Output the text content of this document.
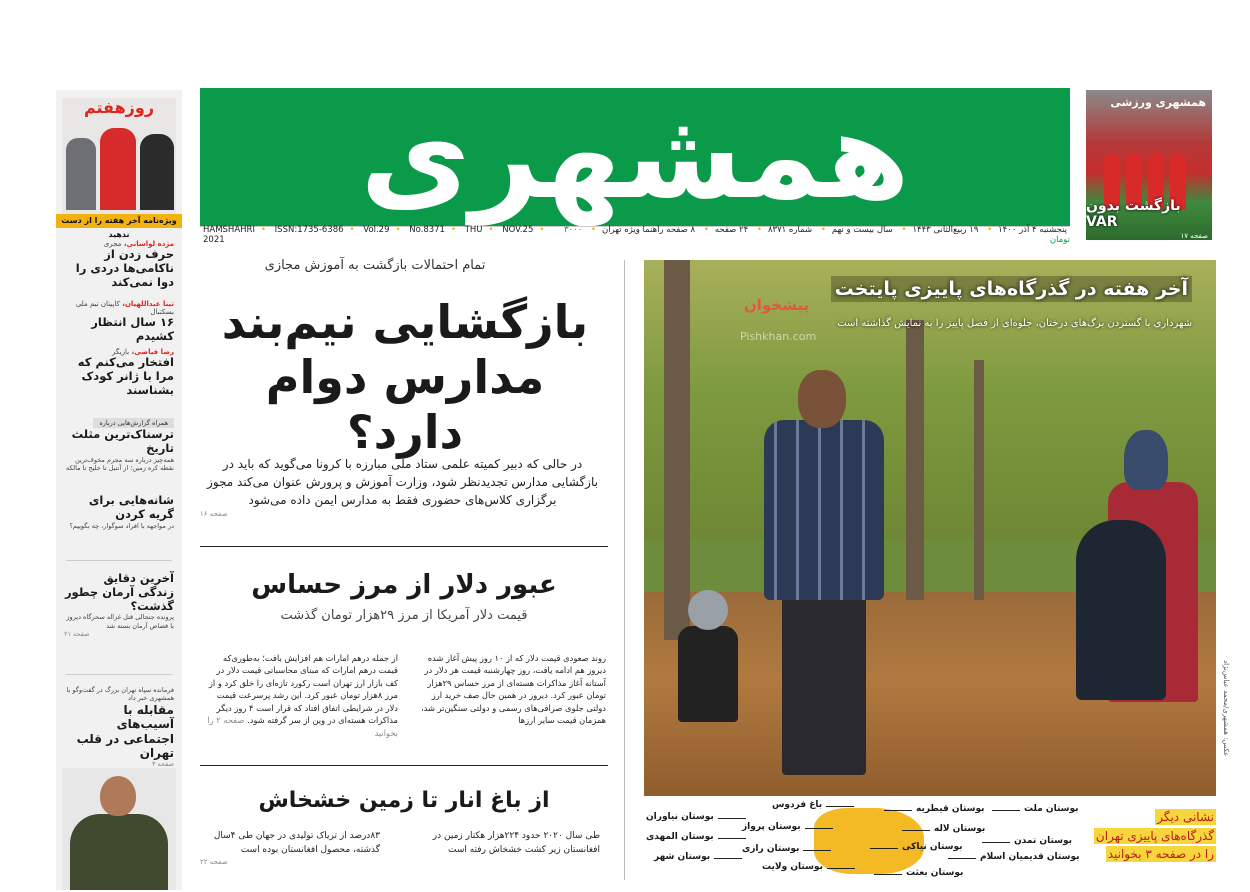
همشهری
HAMSHAHRI • ISSN:1735-6386 • Vol.29 • No.8371 • THU • NOV.25 • 2021
پنجشنبه ۴ آذر ۱۴۰۰• ۱۹ ربیع‌الثانی ۱۴۴۳• سال بیست و نهم• شماره ۸۳۷۱• ۲۴ صفحه• ۸ صفحه راهنما ویژه تهران• ۳۰۰۰ تومان
همشهری ورزشی
بازگشت بدون VAR
صفحه ۱۷
روزهفتم
ویژه‌نامه آخر هفته را از دست ندهید
مژده لواسانی، مجری
حرف زدن از ناکامی‌ها دردی را دوا نمی‌کند
تینا عبداللهیان، کاپیتان تیم ملی بسکتبال
۱۶ سال انتظار کشیدم
رضا فیاضی، بازیگر
افتخار می‌کنم که مرا با ژانر کودک بشناسند
همراه گزارش‌هایی درباره
ترسناک‌ترین مثلث تاریخ
همه‌چیز درباره سه مجرم مخوف‌ترین نقطه کره زمین؛ از آنتیل تا خلیج تا مالکه
شانه‌هایی برای گریه کردن
در مواجهه با افراد سوگوار، چه بگوییم؟
آخرین دقایق زندگی آرمان چطور گذشت؟
پرونده جنجالی قتل غزاله سحرگاه دیروز با قصاص آرمان بسته شد
صفحه ۲۱
فرمانده سپاه تهران بزرگ در گفت‌وگو با همشهری خبر داد
مقابله با آسیب‌های اجتماعی در قلب تهران
صفحه ۳
تمام احتمالات بازگشت به آموزش مجازی
بازگشایی نیم‌بند
مدارس دوام دارد؟
در حالی که دبیر کمیته علمی ستاد ملی مبارزه با کرونا می‌گوید که باید در بازگشایی مدارس تجدیدنظر شود، وزارت آموزش و پرورش عنوان می‌کند مجوز برگزاری کلاس‌های حضوری فقط به مدارس ایمن داده می‌شود
صفحه ۱۶
عبور دلار از مرز حساس
قیمت دلار آمریکا از مرز ۲۹هزار تومان گذشت
روند صعودی قیمت دلار که از ۱۰ روز پیش آغاز شده دیروز هم ادامه یافت، روز چهارشنبه قیمت هر دلار در آستانه آغاز مذاکرات هسته‌ای از مرز حساس ۲۹هزار تومان عبور کرد. دیروز در همین حال صف خرید ارز دولتی جلوی صرافی‌های رسمی و دولتی سنگین‌تر شد، همزمان قیمت سایر ارزها
از جمله درهم امارات هم افزایش یافت؛ به‌طوری‌که قیمت درهم امارات که مبنای محاسباتی قیمت دلار در کف بازار ارز تهران است رکورد تازه‌ای را خلق کرد و از مرز ۸هزار تومان عبور کرد. این رشد پرسرعت قیمت دلار در شرایطی اتفاق افتاد که قرار است ۴ روز دیگر مذاکرات هسته‌ای در وین از سر گرفته شود. صفحه ۲ را بخوانید
از باغ انار تا زمین خشخاش
طی سال ۲۰۲۰ حدود ۲۲۴هزار هکتار زمین در افغانستان زیر کشت خشخاش رفته است
۸۳درصد از تریاک تولیدی در جهان طی ۴سال گذشته، محصول افغانستان بوده است
صفحه ۲۲
آخر هفته در گذرگاه‌های پاییزی پایتخت
شهرداری با گستردن برگ‌های درختان، جلوه‌ای از فصل پاییز را به نمایش گذاشته است
پیشخوان
Pishkhan.com
عکس: همشهری/محمد عباس‌نژاد
بوستان ملت
بوستان تمدن
بوستان قدیمیان اسلام
بوستان قیطریه
بوستان لاله
بوستان نیاکی
بوستان بعثت
باغ فردوس
بوستان پرواز
بوستان رازی
بوستان ولایت
بوستان نیاوران
بوستان المهدی
بوستان شهر
نشانی دیگر
گذرگاه‌های پاییزی تهران
را در صفحه ۳ بخوانید
